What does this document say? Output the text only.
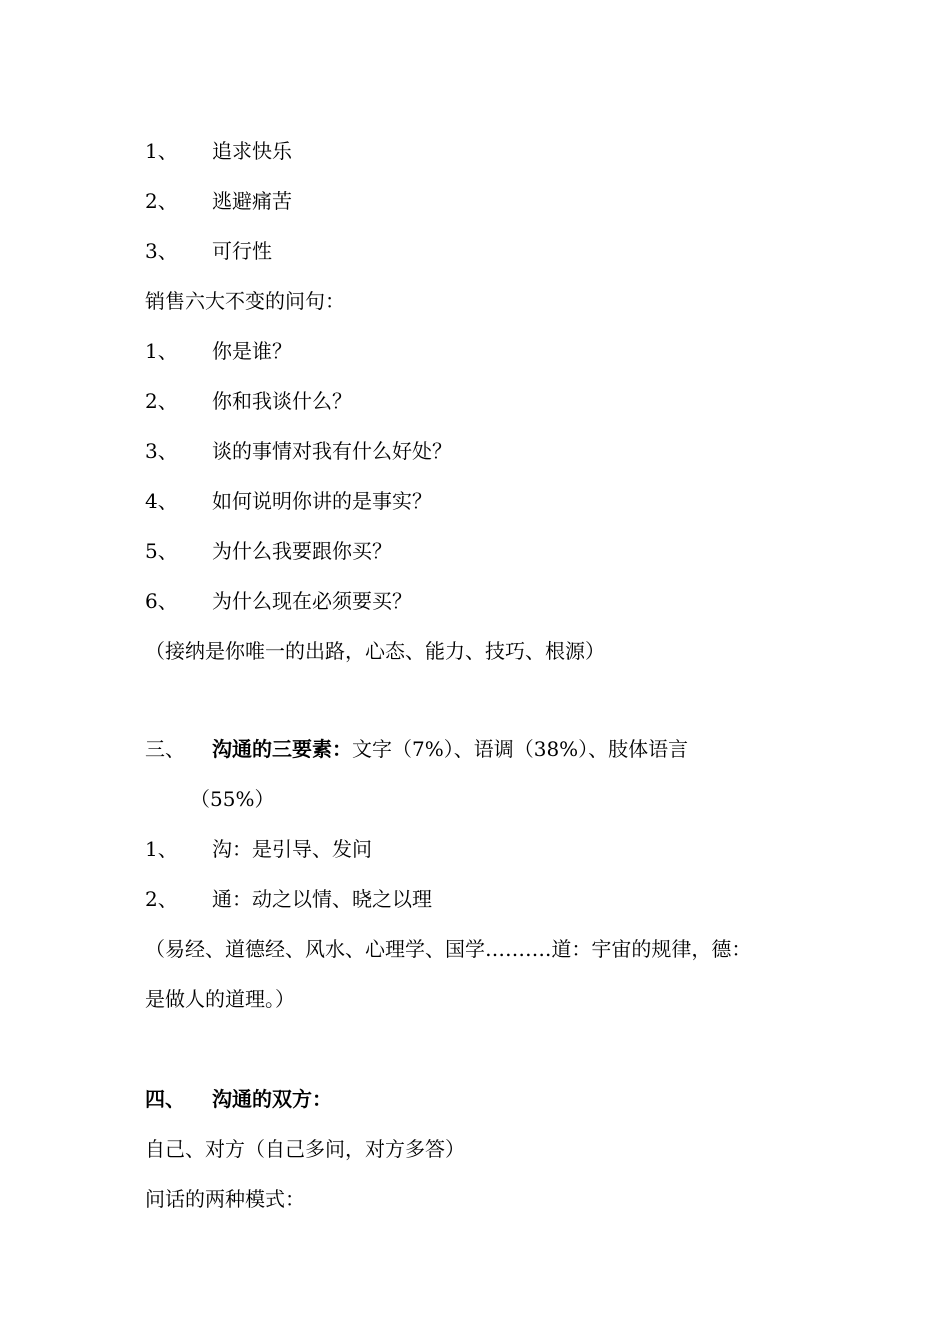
1、 追求快乐
2、 逃避痛苦
3、 可行性
销售六大不变的问句：
1、 你是谁？
2、 你和我谈什么？
3、 谈的事情对我有什么好处？
4、 如何说明你讲的是事实？
5、 为什么我要跟你买？
6、 为什么现在必须要买？
（接纳是你唯一的出路，心态、能力、技巧、根源）
三、 沟通的三要素：文字（7%）、语调（38%）、肢体语言
（55%）
1、 沟：是引导、发问
2、 通：动之以情、晓之以理
（易经、道德经、风水、心理学、国学……….道：宇宙的规律，德：
是做人的道理。）
四、 沟通的双方：
自己、对方（自己多问，对方多答）
问话的两种模式：
